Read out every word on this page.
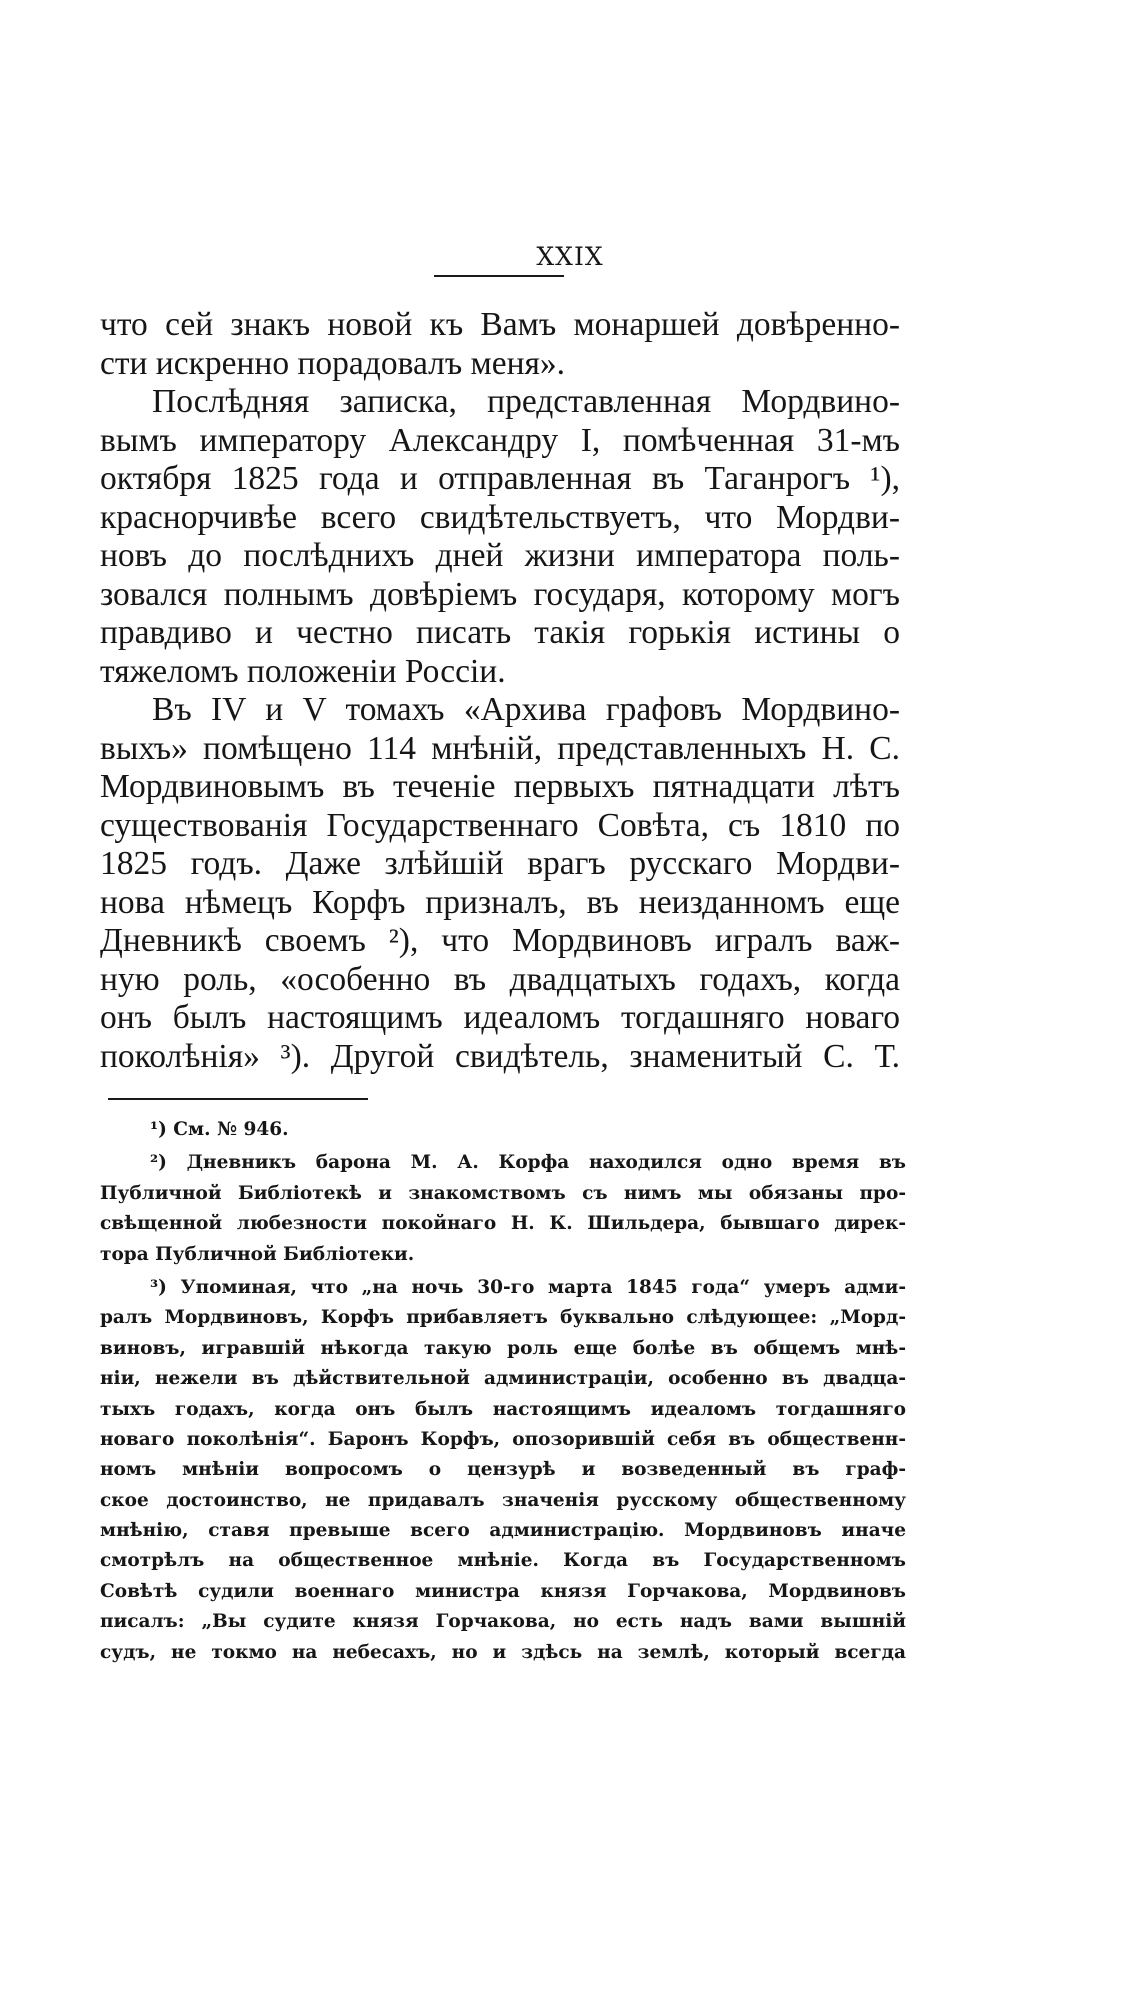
XXIX
что сей знакъ новой къ Вамъ монаршей довѣренно-
сти искренно порадовалъ меня».
Послѣдняя записка, представленная Мордвино-
вымъ императору Александру I, помѣченная 31-мъ
октября 1825 года и отправленная въ Таганрогъ ¹),
краснорчивѣе всего свидѣтельствуетъ, что Мордви-
новъ до послѣднихъ дней жизни императора поль-
зовался полнымъ довѣріемъ государя, которому могъ
правдиво и честно писать такія горькія истины о
тяжеломъ положеніи Россіи.
Въ IV и V томахъ «Архива графовъ Мордвино-
выхъ» помѣщено 114 мнѣній, представленныхъ Н. С.
Мордвиновымъ въ теченіе первыхъ пятнадцати лѣтъ
существованія Государственнаго Совѣта, съ 1810 по
1825 годъ. Даже злѣйшій врагъ русскаго Мордви-
нова нѣмецъ Корфъ призналъ, въ неизданномъ еще
Дневникѣ своемъ ²), что Мордвиновъ игралъ важ-
ную роль, «особенно въ двадцатыхъ годахъ, когда
онъ былъ настоящимъ идеаломъ тогдашняго новаго
поколѣнія» ³). Другой свидѣтель, знаменитый С. Т.
¹) См. № 946.
²) Дневникъ барона М. А. Корфа находился одно время въ
Публичной Библіотекѣ и знакомствомъ съ нимъ мы обязаны про-
свѣщенной любезности покойнаго Н. К. Шильдера, бывшаго дирек-
тора Публичной Библіотеки.
³) Упоминая, что „на ночь 30-го марта 1845 года“ умеръ адми-
ралъ Мордвиновъ, Корфъ прибавляетъ буквально слѣдующее: „Морд-
виновъ, игравшій нѣкогда такую роль еще болѣе въ общемъ мнѣ-
ніи, нежели въ дѣйствительной администраціи, особенно въ двадца-
тыхъ годахъ, когда онъ былъ настоящимъ идеаломъ тогдашняго
новаго поколѣнія“. Баронъ Корфъ, опозорившій себя въ общественн-
номъ мнѣніи вопросомъ о цензурѣ и возведенный въ граф-
ское достоинство, не придавалъ значенія русскому общественному
мнѣнію, ставя превыше всего администрацію. Мордвиновъ иначе
смотрѣлъ на общественное мнѣніе. Когда въ Государственномъ
Совѣтѣ судили военнаго министра князя Горчакова, Мордвиновъ
писалъ: „Вы судите князя Горчакова, но есть надъ вами вышній
судъ, не токмо на небесахъ, но и здѣсь на землѣ, который всегда
